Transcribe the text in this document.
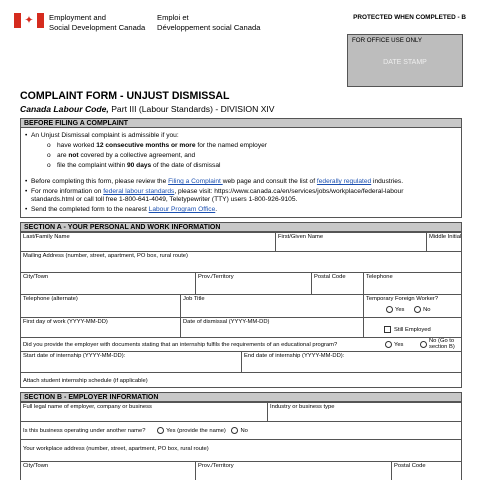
✦ Employment and
Social Development Canada
Emploi et
Développement social Canada
PROTECTED WHEN COMPLETED - B
FOR OFFICE USE ONLY
DATE STAMP
COMPLAINT FORM - UNJUST DISMISSAL
Canada Labour Code, Part III (Labour Standards) - DIVISION XIV
BEFORE FILING A COMPLAINT
• An Unjust Dismissal complaint is admissible if you:
o have worked 12 consecutive months or more for the named employer
o are not covered by a collective agreement, and
o file the complaint within 90 days of the date of dismissal
• Before completing this form, please review the Filing a Complaint web page and consult the list of federally regulated industries.
• For more information on federal labour standards, please visit: https://www.canada.ca/en/services/jobs/workplace/federal-labour
standards.html or call toll free 1-800-641-4049, Teletypewriter (TTY) users 1-800-926-9105.
• Send the completed form to the nearest Labour Program Office.
SECTION A - YOUR PERSONAL AND WORK INFORMATION
Last/Family Name	First/Given Name	Middle Initial
Mailing Address (number, street, apartment, PO box, rural route)
City/Town	Prov./Territory	Postal Code	Telephone
Telephone (alternate)	Job Title	Temporary Foreign Worker?
Yes	No
First day of work (YYYY-MM-DD)	Date of dismissal (YYYY-MM-DD)
Still Employed
Did you provide the employer with documents stating that an internship fulfils the requirements of an educational program?	Yes
No (Go to
section B)
Start date of internship (YYYY-MM-DD):	End date of internship (YYYY-MM-DD):
Attach student internship schedule (if applicable)
SECTION B - EMPLOYER INFORMATION
Full legal name of employer, company or business	Industry or business type
Is this business operating under another name?	Yes (provide the name)	No
Your workplace address (number, street, apartment, PO box, rural route)
City/Town	Prov./Territory	Postal Code
